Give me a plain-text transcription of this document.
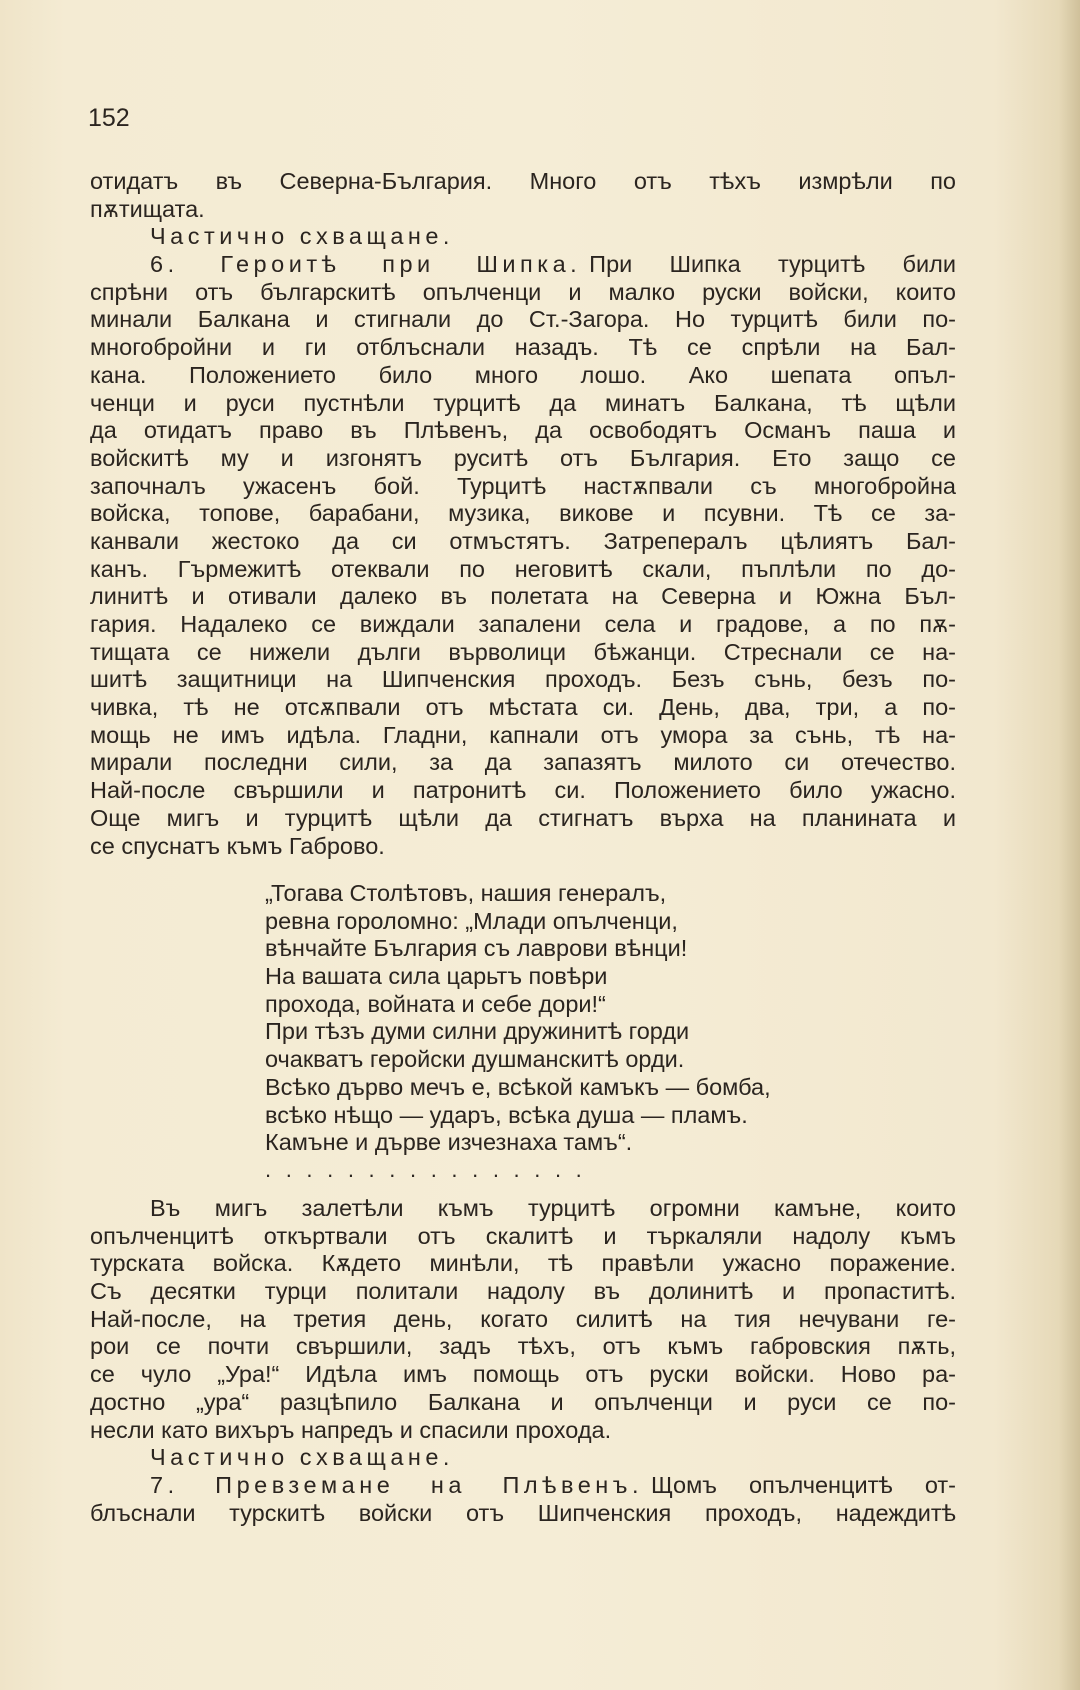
152
отидатъ въ Северна-България. Много отъ тѣхъ измрѣли по
пѫтищата.
Частично схващане.
6. Героитѣ при Шипка. При Шипка турцитѣ били
спрѣни отъ българскитѣ опълченци и малко руски войски, които
минали Балкана и стигнали до Ст.-Загора. Но турцитѣ били по-
многобройни и ги отблъснали назадъ. Тѣ се спрѣли на Бал-
кана. Положението било много лошо. Ако шепата опъл-
ченци и руси пустнѣли турцитѣ да минатъ Балкана, тѣ щѣли
да отидатъ право въ Плѣвенъ, да освободятъ Османъ паша и
войскитѣ му и изгонятъ руситѣ отъ България. Ето защо се
започналъ ужасенъ бой. Турцитѣ настѫпвали съ многобройна
войска, топове, барабани, музика, викове и псувни. Тѣ се за-
канвали жестоко да си отмъстятъ. Затрепералъ цѣлиятъ Бал-
канъ. Гърмежитѣ отеквали по неговитѣ скали, пъплѣли по до-
линитѣ и отивали далеко въ полетата на Северна и Южна Бъл-
гария. Надалеко се виждали запалени села и градове, а по пѫ-
тищата се нижели дълги върволици бѣжанци. Стреснали се на-
шитѣ защитници на Шипченския проходъ. Безъ сънь, безъ по-
чивка, тѣ не отсѫпвали отъ мѣстата си. День, два, три, а по-
мощь не имъ идѣла. Гладни, капнали отъ умора за сънь, тѣ на-
мирали последни сили, за да запазятъ милото си отечество.
Най-после свършили и патронитѣ си. Положението било ужасно.
Още мигъ и турцитѣ щѣли да стигнатъ върха на планината и
се спуснатъ къмъ Габрово.
„Тогава Столѣтовъ, нашия генералъ,
ревна гороломно: „Млади опълченци,
вѣнчайте България съ лаврови вѣнци!
На вашата сила царьтъ повѣри
прохода, войната и себе дори!“
При тѣзъ думи силни дружинитѣ горди
очакватъ геройски душманскитѣ орди.
Всѣко дърво мечъ е, всѣкой камъкъ — бомба,
всѣко нѣщо — ударъ, всѣка душа — пламъ.
Камъне и дърве изчезнаха тамъ“.
................
Въ мигъ залетѣли къмъ турцитѣ огромни камъне, които
опълченцитѣ откъртвали отъ скалитѣ и търкаляли надолу къмъ
турската войска. Кѫдето минѣли, тѣ правѣли ужасно поражение.
Съ десятки турци политали надолу въ долинитѣ и пропаститѣ.
Най-после, на третия день, когато силитѣ на тия нечувани ге-
рои се почти свършили, задъ тѣхъ, отъ къмъ габровския пѫть,
се чуло „Ура!“ Идѣла имъ помощь отъ руски войски. Ново ра-
достно „ура“ разцѣпило Балкана и опълченци и руси се по-
несли като вихъръ напредъ и спасили прохода.
Частично схващане.
7. Превземане на Плѣвенъ. Щомъ опълченцитѣ от-
блъснали турскитѣ войски отъ Шипченския проходъ, надеждитѣ
